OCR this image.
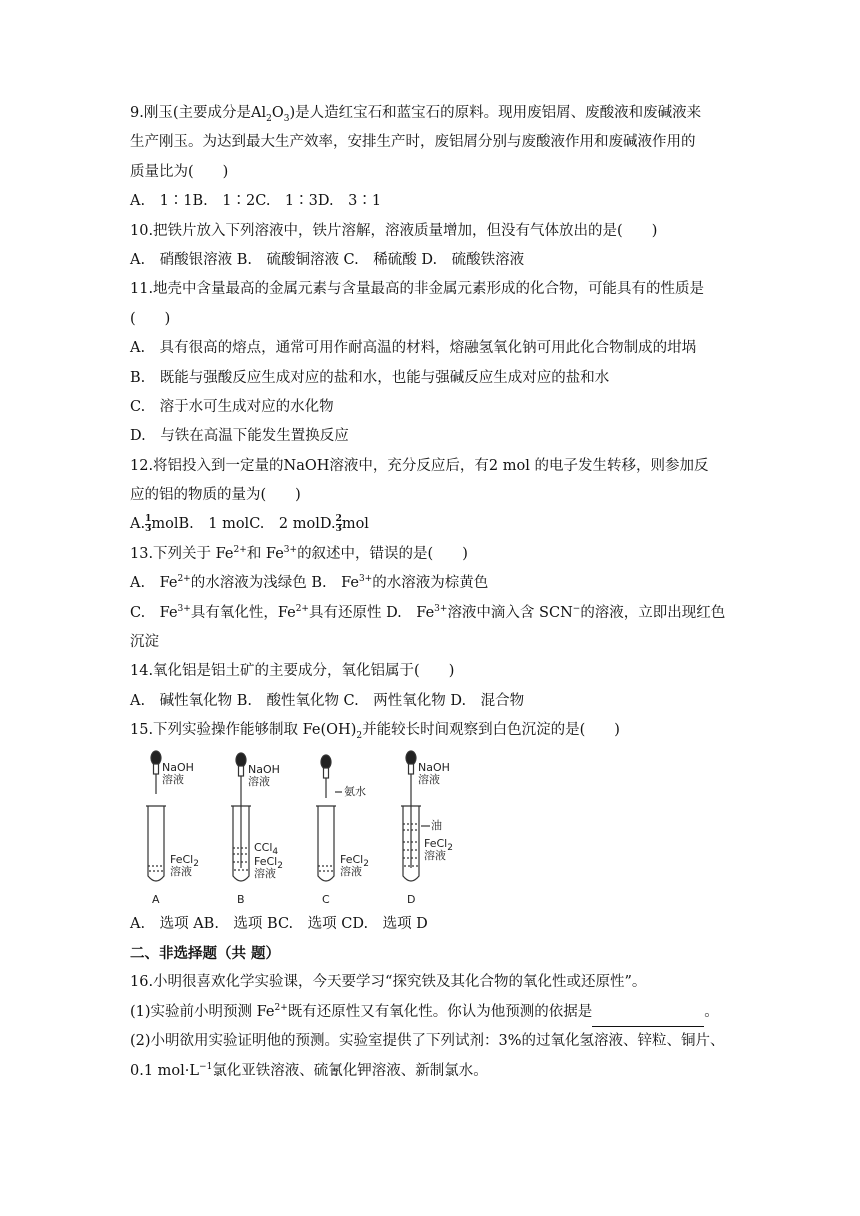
9.刚玉(主要成分是$Al_2O_3$)是人造红宝石和蓝宝石的原料。现用废铝屑、废酸液和废碱液来
生产刚玉。为达到最大生产效率，安排生产时，废铝屑分别与废酸液作用和废碱液作用的
质量比为(　　)
A.　1∶1B.　1∶2C.　1∶3D.　3∶1
10.把铁片放入下列溶液中，铁片溶解，溶液质量增加，但没有气体放出的是(　　)
A.　硝酸银溶液 B.　硫酸铜溶液 C.　稀硫酸 D.　硫酸铁溶液
11.地壳中含量最高的金属元素与含量最高的非金属元素形成的化合物，可能具有的性质是
(　　)
A.　具有很高的熔点，通常可用作耐高温的材料，熔融氢氧化钠可用此化合物制成的坩埚
B.　既能与强酸反应生成对应的盐和水，也能与强碱反应生成对应的盐和水
C.　溶于水可生成对应的水化物
D.　与铁在高温下能发生置换反应
12.将铝投入到一定量的NaOH溶液中，充分反应后，有2 mol 的电子发生转移，则参加反
应的铝的物质的量为(　　)
A. $\frac{1}{3}$ molB.　1 molC.　2 molD. $\frac{2}{3}$ mol
13.下列关于 $Fe^{2+}$和 $Fe^{3+}$的叙述中，错误的是(　　)
A.　$Fe^{2+}$的水溶液为浅绿色 B.　$Fe^{3+}$的水溶液为棕黄色
C.　$Fe^{3+}$具有氧化性，$Fe^{2+}$具有还原性 D.　$Fe^{3+}$溶液中滴入含 SCN−的溶液，立即出现红色
沉淀
14.氧化铝是铝土矿的主要成分，氧化铝属于(　　)
A.　碱性氧化物 B.　酸性氧化物 C.　两性氧化物 D.　混合物
15.下列实验操作能够制取 $Fe(OH)_2$并能较长时间观察到白色沉淀的是(　　)
NaOH
溶液
FeCl$_2$
溶液
NaOH
溶液
CCl$_4$
FeCl$_2$
溶液
氨水
FeCl$_2$
溶液
NaOH
溶液
油
FeCl$_2$
溶液
A	B	C	D
A.　选项 AB.　选项 BC.　选项 CD.　选项 D
二、非选择题（共 题）
16.小明很喜欢化学实验课，今天要学习“探究铁及其化合物的氧化性或还原性”。
(1)实验前小明预测 $Fe^{2+}$既有还原性又有氧化性。你认为他预测的依据是	。
(2)小明欲用实验证明他的预测。实验室提供了下列试剂：3%的过氧化氢溶液、锌粒、铜片、
0.1 $mol\cdot L^{-1}$氯化亚铁溶液、硫氰化钾溶液、新制氯水。
